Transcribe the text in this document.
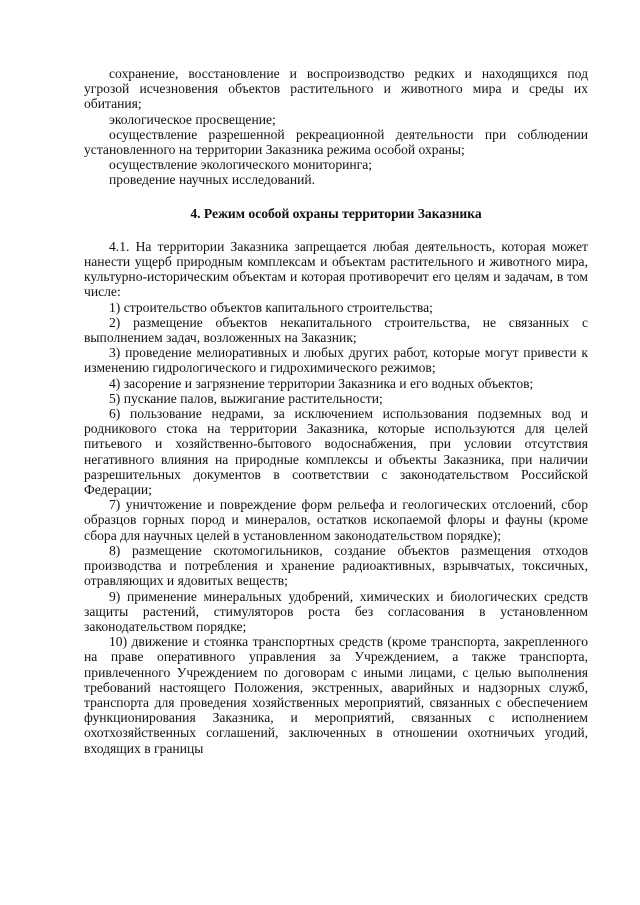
сохранение, восстановление и воспроизводство редких и находящихся под угрозой исчезновения объектов растительного и животного мира и среды их обитания;

экологическое просвещение;

осуществление разрешенной рекреационной деятельности при соблюдении установленного на территории Заказника режима особой охраны;

осуществление экологического мониторинга;

проведение научных исследований.

4. Режим особой охраны территории Заказника

4.1. На территории Заказника запрещается любая деятельность, которая может нанести ущерб природным комплексам и объектам растительного и животного мира, культурно-историческим объектам и которая противоречит его целям и задачам, в том числе:

1) строительство объектов капитального строительства;

2) размещение объектов некапитального строительства, не связанных с выполнением задач, возложенных на Заказник;

3) проведение мелиоративных и любых других работ, которые могут привести к изменению гидрологического и гидрохимического режимов;

4) засорение и загрязнение территории Заказника и его водных объектов;

5) пускание палов, выжигание растительности;

6) пользование недрами, за исключением использования подземных вод и родникового стока на территории Заказника, которые используются для целей питьевого и хозяйственно-бытового водоснабжения, при условии отсутствия негативного влияния на природные комплексы и объекты Заказника, при наличии разрешительных документов в соответствии с законодательством Российской Федерации;

7) уничтожение и повреждение форм рельефа и геологических отслоений, сбор образцов горных пород и минералов, остатков ископаемой флоры и фауны (кроме сбора для научных целей в установленном законодательством порядке);

8) размещение скотомогильников, создание объектов размещения отходов производства и потребления и хранение радиоактивных, взрывчатых, токсичных, отравляющих и ядовитых веществ;

9) применение минеральных удобрений, химических и биологических средств защиты растений, стимуляторов роста без согласования в установленном законодательством порядке;

10) движение и стоянка транспортных средств (кроме транспорта, закрепленного на праве оперативного управления за Учреждением, а также транспорта, привлеченного Учреждением по договорам с иными лицами, с целью выполнения требований настоящего Положения, экстренных, аварийных и надзорных служб, транспорта для проведения хозяйственных мероприятий, связанных с обеспечением функционирования Заказника, и мероприятий, связанных с исполнением охотхозяйственных соглашений, заключенных в отношении охотничьих угодий, входящих в границы
